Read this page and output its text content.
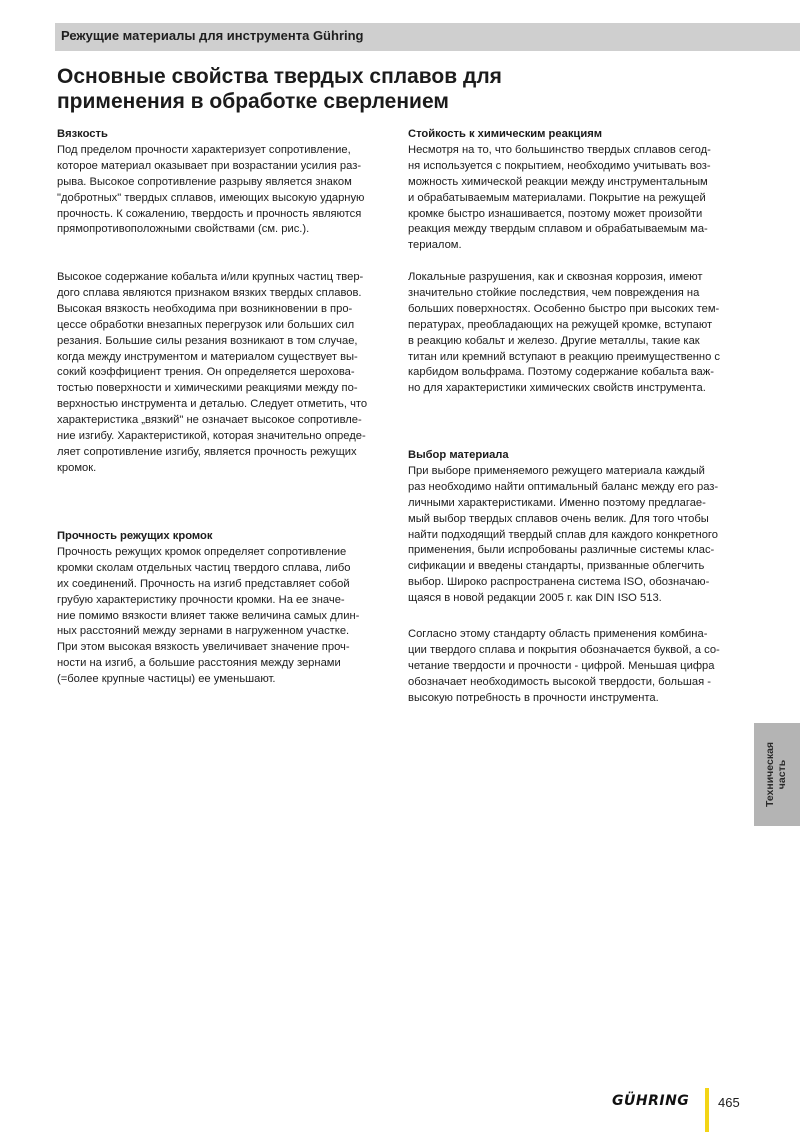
Режущие материалы для инструмента Gühring
Основные свойства твердых сплавов для
применения в обработке сверлением
Вязкость

Под пределом прочности характеризует сопротивление,
которое материал оказывает при возрастании усилия раз-
рыва. Высокое сопротивление разрыву является знаком
"добротных" твердых сплавов, имеющих высокую ударную
прочность. К сожалению, твердость и прочность являются
прямопротивоположными свойствами (см. рис.).

Высокое содержание кобальта и/или крупных частиц твер-
дого сплава являются признаком вязких твердых сплавов.
Высокая вязкость необходима при возникновении в про-
цессе обработки внезапных перегрузок или больших сил
резания. Большие силы резания возникают в том случае,
когда между инструментом и материалом существует вы-
сокий коэффициент трения. Он определяется шерохова-
тостью поверхности и химическими реакциями между по-
верхностью инструмента и деталью. Следует отметить, что
характеристика „вязкий" не означает высокое сопротивле-
ние изгибу. Характеристикой, которая значительно опреде-
ляет сопротивление изгибу, является прочность режущих
кромок.

Прочность режущих кромок

Прочность режущих кромок определяет сопротивление
кромки сколам отдельных частиц твердого сплава, либо
их соединений. Прочность на изгиб представляет собой
грубую характеристику прочности кромки. На ее значе-
ние помимо вязкости влияет также величина самых длин-
ных расстояний между зернами в нагруженном участке.
При этом высокая вязкость увеличивает значение проч-
ности на изгиб, а большие расстояния между зернами
(=более крупные частицы) ее уменьшают.

Стойкость к химическим реакциям

Несмотря на то, что большинство твердых сплавов сегод-
ня используется с покрытием, необходимо учитывать воз-
можность химической реакции между инструментальным
и обрабатываемым материалами. Покрытие на режущей
кромке быстро изнашивается, поэтому может произойти
реакция между твердым сплавом и обрабатываемым ма-
териалом.

Локальные разрушения, как и сквозная коррозия, имеют
значительно стойкие последствия, чем повреждения на
больших поверхностях. Особенно быстро при высоких тем-
пературах, преобладающих на режущей кромке, вступают
в реакцию кобальт и железо. Другие металлы, такие как
титан или кремний вступают в реакцию преимущественно с
карбидом вольфрама. Поэтому содержание кобальта важ-
но для характеристики химических свойств инструмента.

Выбор материала

При выборе применяемого режущего материала каждый
раз необходимо найти оптимальный баланс между его раз-
личными характеристиками. Именно поэтому предлагае-
мый выбор твердых сплавов очень велик. Для того чтобы
найти подходящий твердый сплав для каждого конкретного
применения, были испробованы различные системы клас-
сификации и введены стандарты, призванные облегчить
выбор. Широко распространена система ISO, обозначаю-
щаяся в новой редакции 2005 г. как DIN ISO 513.

Согласно этому стандарту область применения комбина-
ции твердого сплава и покрытия обозначается буквой, а со-
четание твердости и прочности - цифрой. Меньшая цифра
обозначает необходимость высокой твердости, большая -
высокую потребность в прочности инструмента.

Техническая
часть
GÜHRING 465
